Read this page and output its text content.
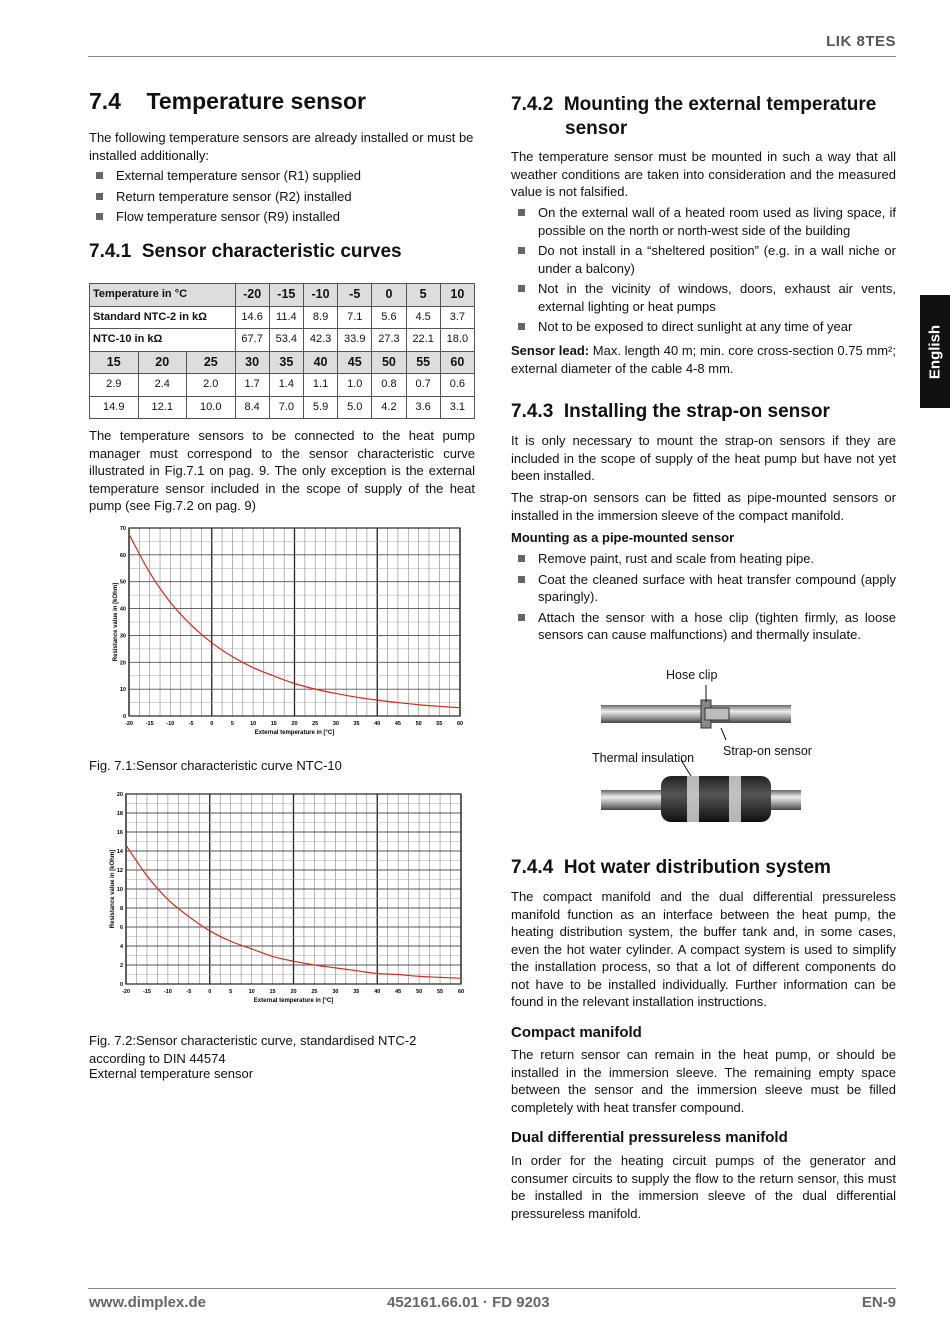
LIK 8TES
English
7.4    Temperature sensor

The following temperature sensors are already installed or must be installed additionally:

External temperature sensor (R1) supplied
Return temperature sensor (R2) installed
Flow temperature sensor (R9) installed
7.4.1  Sensor characteristic curves
Temperature in °C			-20	-15	-10	-5	0	5	10
Standard NTC-2 in kΩ			14.6	11.4	8.9	7.1	5.6	4.5	3.7
NTC-10 in kΩ			67.7	53.4	42.3	33.9	27.3	22.1	18.0
15	20	25	30	35	40	45	50	55	60
2.9	2.4	2.0	1.7	1.4	1.1	1.0	0.8	0.7	0.6
14.9	12.1	10.0	8.4	7.0	5.9	5.0	4.2	3.6	3.1

The temperature sensors to be connected to the heat pump manager must correspond to the sensor characteristic curve illustrated in Fig.7.1 on pag. 9. The only exception is the external temperature sensor included in the scope of supply of the heat pump (see Fig.7.2 on pag. 9)

-20 -15 -10	-5	0	5	10	15	20	25	30	35	40	45	50	55	60
0
10
20
30
40
50
60
70
External temperature in [°C]
Resistance value in [kOhm]
Fig. 7.1:Sensor characteristic curve NTC-10
-20 -15 -10	-5	0	5	10	15	20	25	30	35	40	45	50	55	60
0
2
4
6
8
10
12
14
16
18
20
External temperature in [°C]
Resistance value in [kOhm]
Fig. 7.2:Sensor characteristic curve, standardised NTC-2 according to DIN 44574
External temperature sensor
7.4.2  Mounting the external temperature sensor

The temperature sensor must be mounted in such a way that all weather conditions are taken into consideration and the measured value is not falsified.

On the external wall of a heated room used as living space, if possible on the north or north-west side of the building
Do not install in a “sheltered position” (e.g. in a wall niche or under a balcony)
Not in the vicinity of windows, doors, exhaust air vents, external lighting or heat pumps
Not to be exposed to direct sunlight at any time of year

Sensor lead: Max. length 40 m; min. core cross-section 0.75 mm²; external diameter of the cable 4-8 mm.

7.4.3  Installing the strap-on sensor

It is only necessary to mount the strap-on sensors if they are included in the scope of supply of the heat pump but have not yet been installed.

The strap-on sensors can be fitted as pipe-mounted sensors or installed in the immersion sleeve of the compact manifold.

Mounting as a pipe-mounted sensor
Remove paint, rust and scale from heating pipe.
Coat the cleaned surface with heat transfer compound (apply sparingly).
Attach the sensor with a hose clip (tighten firmly, as loose sensors can cause malfunctions) and thermally insulate.
Hose clip
Strap-on sensor
Thermal insulation
7.4.4  Hot water distribution system

The compact manifold and the dual differential pressureless manifold function as an interface between the heat pump, the heating distribution system, the buffer tank and, in some cases, even the hot water cylinder. A compact system is used to simplify the installation process, so that a lot of different components do not have to be installed individually. Further information can be found in the relevant installation instructions.

Compact manifold

The return sensor can remain in the heat pump, or should be installed in the immersion sleeve. The remaining empty space between the sensor and the immersion sleeve must be filled completely with heat transfer compound.

Dual differential pressureless manifold

In order for the heating circuit pumps of the generator and consumer circuits to supply the flow to the return sensor, this must be installed in the immersion sleeve of the dual differential pressureless manifold.

www.dimplex.de	452161.66.01 · FD 9203	EN-9
